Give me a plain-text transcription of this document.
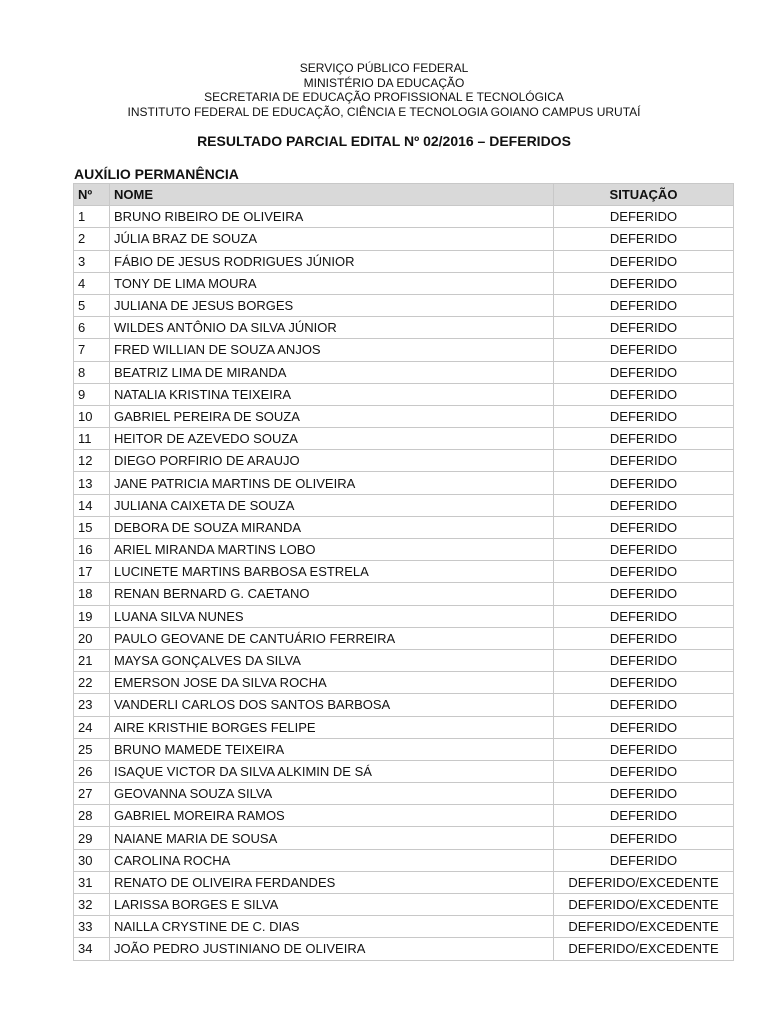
SERVIÇO PÚBLICO FEDERAL
MINISTÉRIO DA EDUCAÇÃO
SECRETARIA DE EDUCAÇÃO PROFISSIONAL E TECNOLÓGICA
INSTITUTO FEDERAL DE EDUCAÇÃO, CIÊNCIA E TECNOLOGIA GOIANO CAMPUS URUTAÍ
RESULTADO PARCIAL EDITAL Nº 02/2016 – DEFERIDOS
AUXÍLIO PERMANÊNCIA
Nº	NOME	SITUAÇÃO
1	BRUNO RIBEIRO DE OLIVEIRA	DEFERIDO
2	JÚLIA BRAZ DE SOUZA	DEFERIDO
3	FÁBIO DE JESUS RODRIGUES JÚNIOR	DEFERIDO
4	TONY DE LIMA MOURA	DEFERIDO
5	JULIANA DE JESUS BORGES	DEFERIDO
6	WILDES ANTÔNIO DA SILVA JÚNIOR	DEFERIDO
7	FRED WILLIAN DE SOUZA ANJOS	DEFERIDO
8	BEATRIZ LIMA DE MIRANDA	DEFERIDO
9	NATALIA KRISTINA TEIXEIRA	DEFERIDO
10	GABRIEL PEREIRA DE SOUZA	DEFERIDO
11	HEITOR DE AZEVEDO SOUZA	DEFERIDO
12	DIEGO PORFIRIO DE ARAUJO	DEFERIDO
13	JANE PATRICIA MARTINS DE OLIVEIRA	DEFERIDO
14	JULIANA CAIXETA DE SOUZA	DEFERIDO
15	DEBORA DE SOUZA MIRANDA	DEFERIDO
16	ARIEL MIRANDA MARTINS LOBO	DEFERIDO
17	LUCINETE MARTINS BARBOSA ESTRELA	DEFERIDO
18	RENAN BERNARD G. CAETANO	DEFERIDO
19	LUANA SILVA NUNES	DEFERIDO
20	PAULO GEOVANE DE CANTUÁRIO FERREIRA	DEFERIDO
21	MAYSA GONÇALVES DA SILVA	DEFERIDO
22	EMERSON JOSE DA SILVA ROCHA	DEFERIDO
23	VANDERLI CARLOS DOS SANTOS BARBOSA	DEFERIDO
24	AIRE KRISTHIE BORGES FELIPE	DEFERIDO
25	BRUNO MAMEDE TEIXEIRA	DEFERIDO
26	ISAQUE VICTOR DA SILVA ALKIMIN DE SÁ	DEFERIDO
27	GEOVANNA SOUZA SILVA	DEFERIDO
28	GABRIEL MOREIRA RAMOS	DEFERIDO
29	NAIANE MARIA DE SOUSA	DEFERIDO
30	CAROLINA ROCHA	DEFERIDO
31	RENATO DE OLIVEIRA FERDANDES	DEFERIDO/EXCEDENTE
32	LARISSA BORGES E SILVA	DEFERIDO/EXCEDENTE
33	NAILLA CRYSTINE DE C. DIAS	DEFERIDO/EXCEDENTE
34	JOÃO PEDRO JUSTINIANO DE OLIVEIRA	DEFERIDO/EXCEDENTE
